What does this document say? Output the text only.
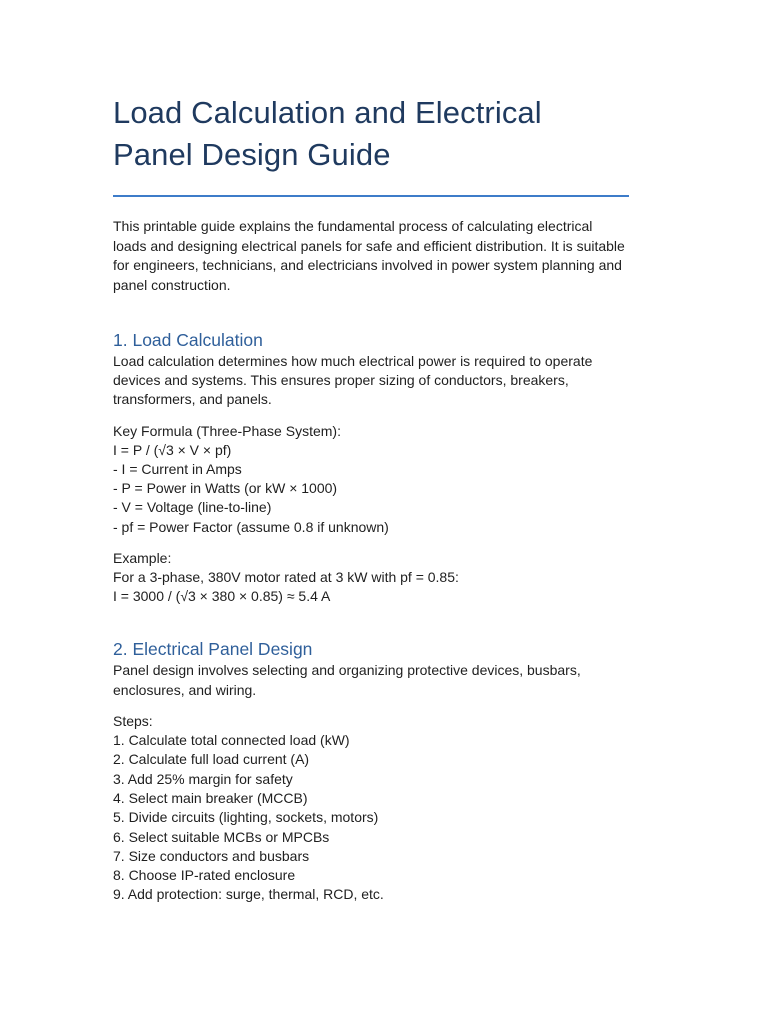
Load Calculation and Electrical
Panel Design Guide

This printable guide explains the fundamental process of calculating electrical loads and designing electrical panels for safe and efficient distribution. It is suitable for engineers, technicians, and electricians involved in power system planning and panel construction.

1. Load Calculation

Load calculation determines how much electrical power is required to operate devices and systems. This ensures proper sizing of conductors, breakers, transformers, and panels.

Key Formula (Three-Phase System):
I = P / (√3 × V × pf)
- I = Current in Amps
- P = Power in Watts (or kW × 1000)
- V = Voltage (line-to-line)
- pf = Power Factor (assume 0.8 if unknown)
Example:
For a 3-phase, 380V motor rated at 3 kW with pf = 0.85:
I = 3000 / (√3 × 380 × 0.85) ≈ 5.4 A
2. Electrical Panel Design

Panel design involves selecting and organizing protective devices, busbars, enclosures, and wiring.

Steps:
1. Calculate total connected load (kW)
2. Calculate full load current (A)
3. Add 25% margin for safety
4. Select main breaker (MCCB)
5. Divide circuits (lighting, sockets, motors)
6. Select suitable MCBs or MPCBs
7. Size conductors and busbars
8. Choose IP-rated enclosure
9. Add protection: surge, thermal, RCD, etc.
